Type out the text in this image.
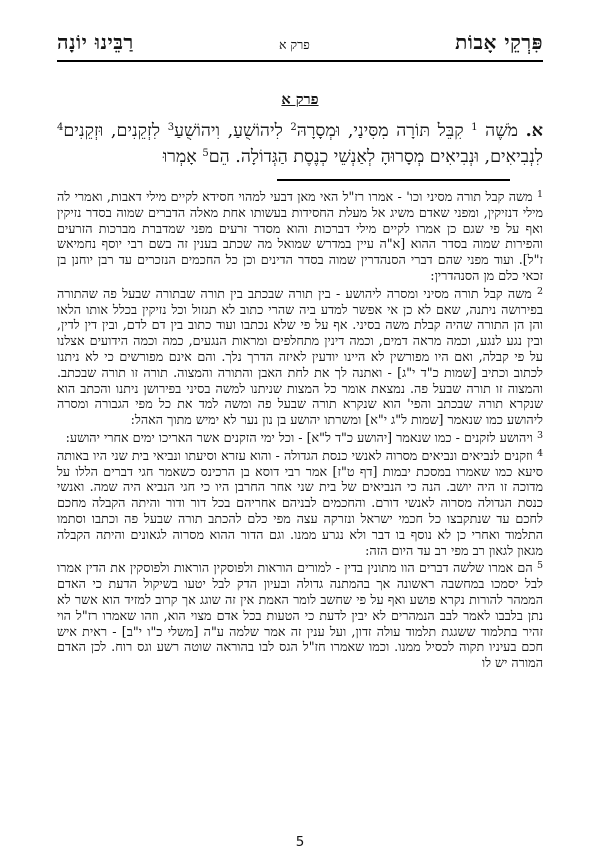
פִּרְקֵי אָבוֹת
פרק א
רַבֵּינוּ יוֹנָה
פרק א
א. מֹשֶׁה $^1$ קִבֵּל תּוֹרָה מִסִּינַי, וּמְסָרָהּ$^2$ לִיהוֹשֻׁעַ, וִיהוֹשֻׁעַ$^3$ לִזְקֵנִים, וּזְקֵנִים$^4$ לִנְבִיאִים, וּנְבִיאִים מְסָרוּהָ לְאַנְשֵׁי כְנֶסֶת הַגְּדוֹלָה. הֵם$^5$ אָמְרוּ

$^1$ משה קבל תורה מסיני וכו' - אמרו רז"ל האי מאן דבעי למהוי חסידא לקיים מילי דאבות, ואמרי לה מילי דנזיקין, ומפני שאדם משיג אל מעלת החסידות בעשותו אחת מאלה הדברים שמוה בסדר נזיקין ואף על פי שגם כן אמרו לקיים מילי דברכות והוא מסדר זרעים מפני שמדברת מברכות הזרעים והפירות שמוה בסדר ההוא [א"ה עיין במדרש שמואל מה שכתב בענין זה בשם רבי יוסף נחמיאש ז"ל]. ועוד מפני שהם דברי הסנהדרין שמוה בסדר הדינים וכן כל החכמים הנזכרים עד רבן יוחנן בן זכאי כלם מן הסנהדרין:

$^2$ משה קבל תורה מסיני ומסרה ליהושע - בין תורה שבכתב בין תורה שבתורה שבעל פה שהתורה בפירושה ניתנה, שאם לא כן אי אפשר למדע ביה שהרי כתוב לא תגזול וכל נזיקין בכלל אותו הלאו והן הן התורה שהיה קבלת משה בסיני. אף על פי שלא נכתבו ועוד כתוב בין דם לדם, ובין דין לדין, ובין נגע לנגע, וכמה מראה דמים, וכמה דינין מתחלפים ומראות הנגעים, כמה וכמה הידועים אצלנו על פי קבלה, ואם היו מפורשין לא היינו יודעין לאיזה הדרך נלך. והם אינם מפורשים כי לא ניתנו לכתוב וכתיב [שמות כ"ד י"ג] - ואתנה לך את לחת האבן והתורה והמצוה. תורה זו תורה שבכתב. והמצוה זו תורה שבעל פה. נמצאת אומר כל המצות שניתנו למשה בסיני בפירושן ניתנו והכתב הוא שנקרא תורה שבכתב והפי' הוא שנקרא תורה שבעל פה ומשה למד את כל מפי הגבורה ומסרה ליהושע כמו שנאמר [שמות ל"ג י"א] ומשרתו יהושע בן נון נער לא ימיש מתוך האהל:

$^3$ ויהושע לזקנים - כמו שנאמר [יהושע כ"ד ל"א] - וכל ימי הזקנים אשר האריכו ימים אחרי יהושע:

$^4$ וזקנים לנביאים ונביאים מסרוה לאנשי כנסת הגדולה - והוא עזרא וסיעתו ונביאי בית שני היו באותה סיעא כמו שאמרו במסכת יבמות [דף ט"ז] אמר רבי דוסא בן הרכינס כשאמר חגי דברים הללו על מדוכה זו היה יושב. הנה כי הנביאים של בית שני אחר החרבן היו כי חגי הנביא היה שמה. ואנשי כנסת הגדולה מסרוה לאנשי דורם. והחכמים לבניהם אחריהם בכל דור ודור והיתה הקבלה מחכם לחכם עד שנתקבצו כל חכמי ישראל ונזרקה עצה מפי כלם להכתב תורה שבעל פה וכתבו וסתמו התלמוד ואחרי כן לא נוסף בו דבר ולא נגרע ממנו. וגם הדור ההוא מסרוה לגאונים והיתה הקבלה מגאון לגאון רב מפי רב עד היום הזה:

$^5$ הם אמרו שלשה דברים הוו מתונין בדין - למורים הוראות ולפוסקין הוראות ולפוסקין את הדין אמרו לבל יסמכו במחשבה ראשונה אך בהמתנה גדולה ובעיון הדק לבל יטעו בשיקול הדעת כי האדם הממהר להורות נקרא פושע ואף על פי שחשב לומר האמת אין זה שוגג אך קרוב למזיד הוא אשר לא נתן בלבבו לאמר לבב הנמהרים לא יבין לדעת כי הטעות בכל אדם מצוי הוא, וזהו שאמרו רז"ל הוי זהיר בתלמוד ששגגת תלמוד עולה זדון, ועל ענין זה אמר שלמה ע"ה [משלי כ"ו י"ב] - ראית איש חכם בעיניו תקוה לכסיל ממנו. וכמו שאמרו חז"ל הגס לבו בהוראה שוטה רשע וגס רוח. לכן האדם המורה יש לו

5
